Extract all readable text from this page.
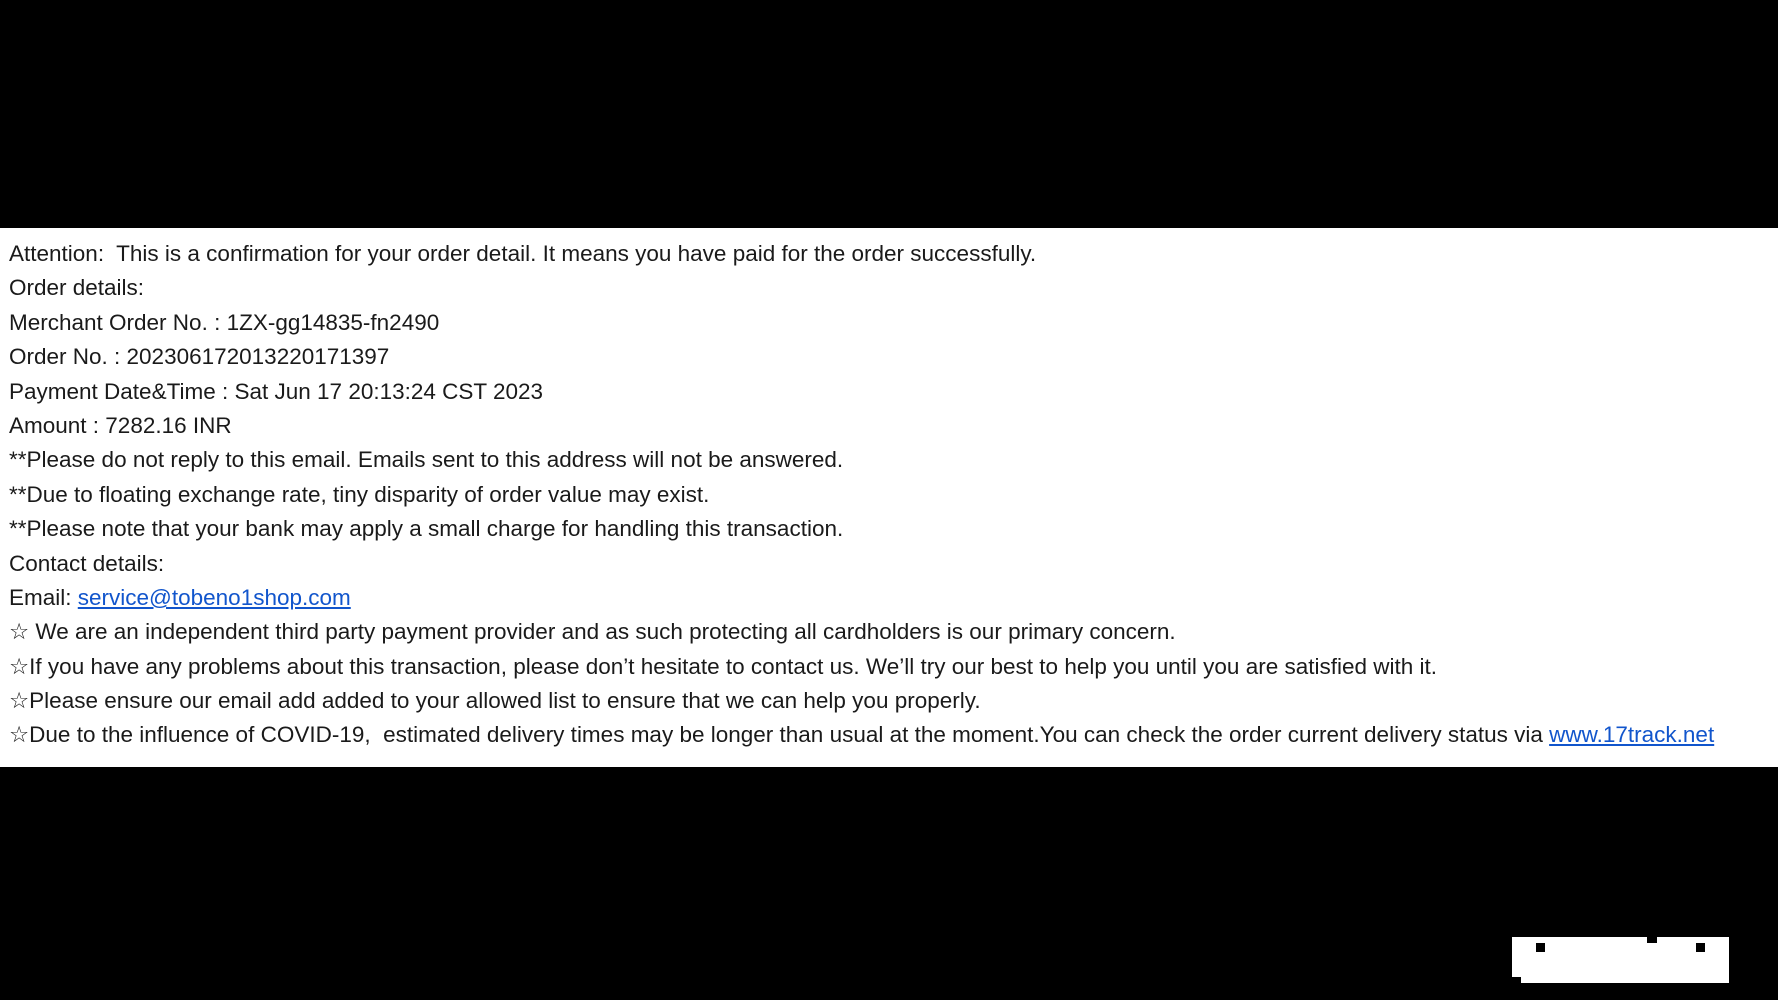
Attention:  This is a confirmation for your order detail. It means you have paid for the order successfully.
Order details:
Merchant Order No. : 1ZX-gg14835-fn2490
Order No. : 202306172013220171397
Payment Date&Time : Sat Jun 17 20:13:24 CST 2023
Amount : 7282.16 INR
**Please do not reply to this email. Emails sent to this address will not be answered.
**Due to floating exchange rate, tiny disparity of order value may exist.
**Please note that your bank may apply a small charge for handling this transaction.
Contact details:
Email: service@tobeno1shop.com
☆ We are an independent third party payment provider and as such protecting all cardholders is our primary concern.
☆If you have any problems about this transaction, please don’t hesitate to contact us. We’ll try our best to help you until you are satisfied with it.
☆Please ensure our email add added to your allowed list to ensure that we can help you properly.
☆Due to the influence of COVID-19,  estimated delivery times may be longer than usual at the moment.You can check the order current delivery status via www.17track.net
